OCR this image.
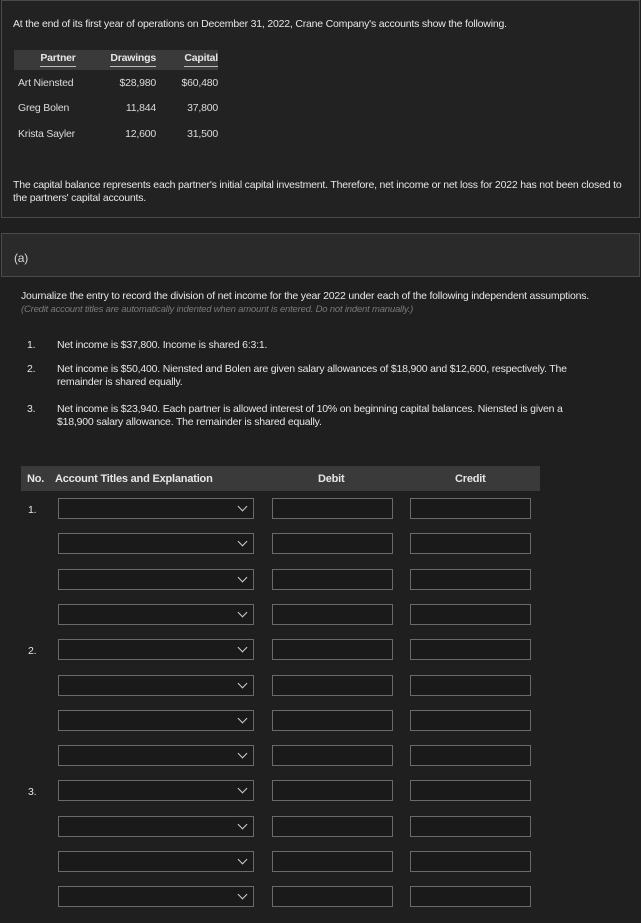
At the end of its first year of operations on December 31, 2022, Crane Company's accounts show the following.
Partner	Drawings	Capital
Art Niensted	$28,980	$60,480
Greg Bolen	11,844	37,800
Krista Sayler	12,600	31,500
The capital balance represents each partner's initial capital investment. Therefore, net income or net loss for 2022 has not been closed to the partners' capital accounts.
(a)
Journalize the entry to record the division of net income for the year 2022 under each of the following independent assumptions.
(Credit account titles are automatically indented when amount is entered. Do not indent manually.)
1. Net income is $37,800. Income is shared 6:3:1.
2. Net income is $50,400. Niensted and Bolen are given salary allowances of $18,900 and $12,600, respectively. The remainder is shared equally.
3. Net income is $23,940. Each partner is allowed interest of 10% on beginning capital balances. Niensted is given a $18,900 salary allowance. The remainder is shared equally.
No. Account Titles and Explanation	Debit	Credit
1.
2.
3.
